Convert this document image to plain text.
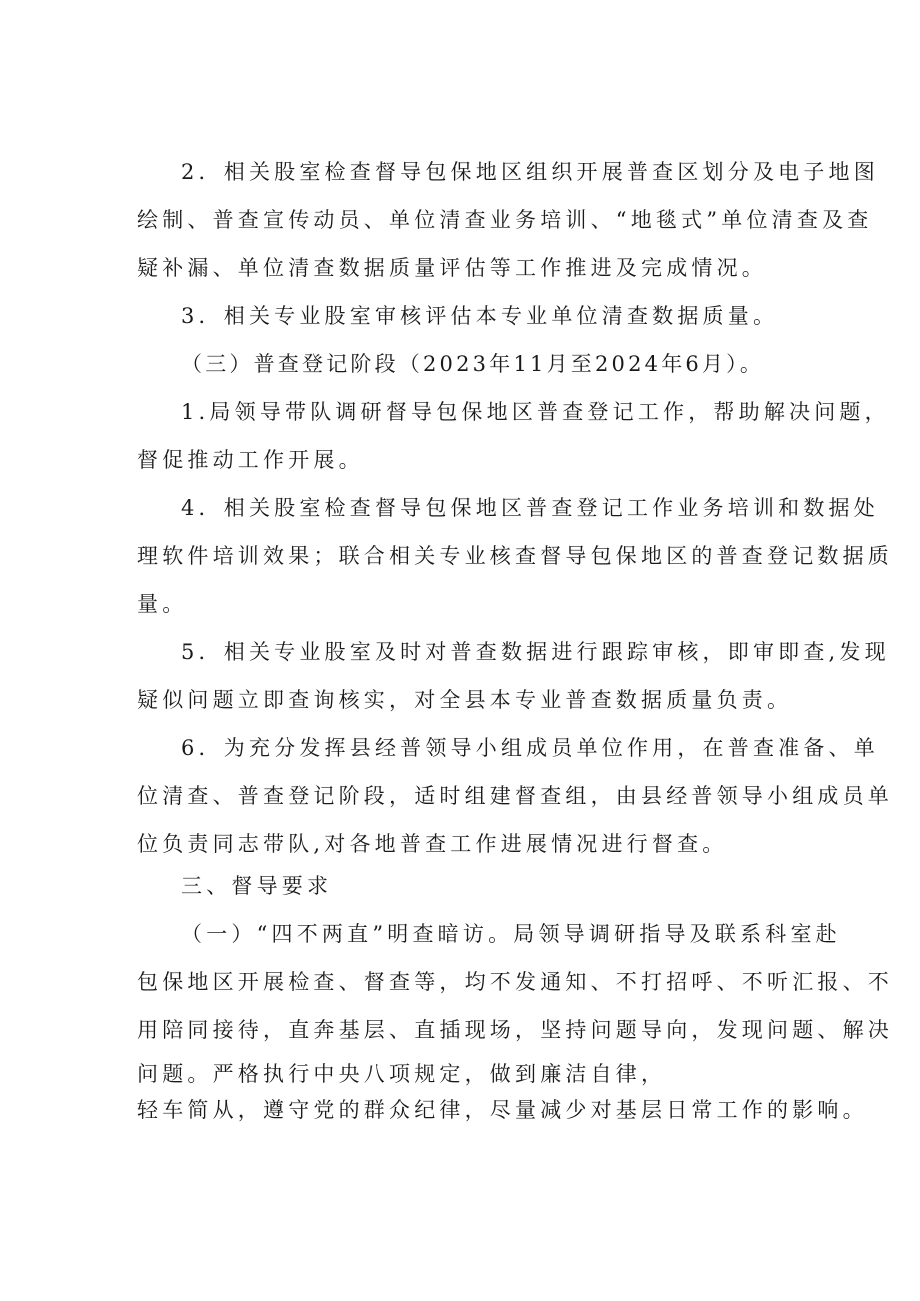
2．相关股室检查督导包保地区组织开展普查区划分及电子地图
绘制、普查宣传动员、单位清查业务培训、“地毯式”单位清查及查
疑补漏、单位清查数据质量评估等工作推进及完成情况。
3．相关专业股室审核评估本专业单位清查数据质量。
（三）普查登记阶段（2023年11月至2024年6月）。
1.局领导带队调研督导包保地区普查登记工作，帮助解决问题，
督促推动工作开展。
4．相关股室检查督导包保地区普查登记工作业务培训和数据处
理软件培训效果；联合相关专业核查督导包保地区的普查登记数据质
量。
5．相关专业股室及时对普查数据进行跟踪审核，即审即查,发现
疑似问题立即查询核实，对全县本专业普查数据质量负责。
6．为充分发挥县经普领导小组成员单位作用，在普查准备、单
位清查、普查登记阶段，适时组建督查组，由县经普领导小组成员单
位负责同志带队,对各地普查工作进展情况进行督查。
三、督导要求
（一）“四不两直”明查暗访。局领导调研指导及联系科室赴
包保地区开展检查、督查等，均不发通知、不打招呼、不听汇报、不
用陪同接待，直奔基层、直插现场，坚持问题导向，发现问题、解决
问题。严格执行中央八项规定，做到廉洁自律，
轻车简从，遵守党的群众纪律，尽量减少对基层日常工作的影响。
